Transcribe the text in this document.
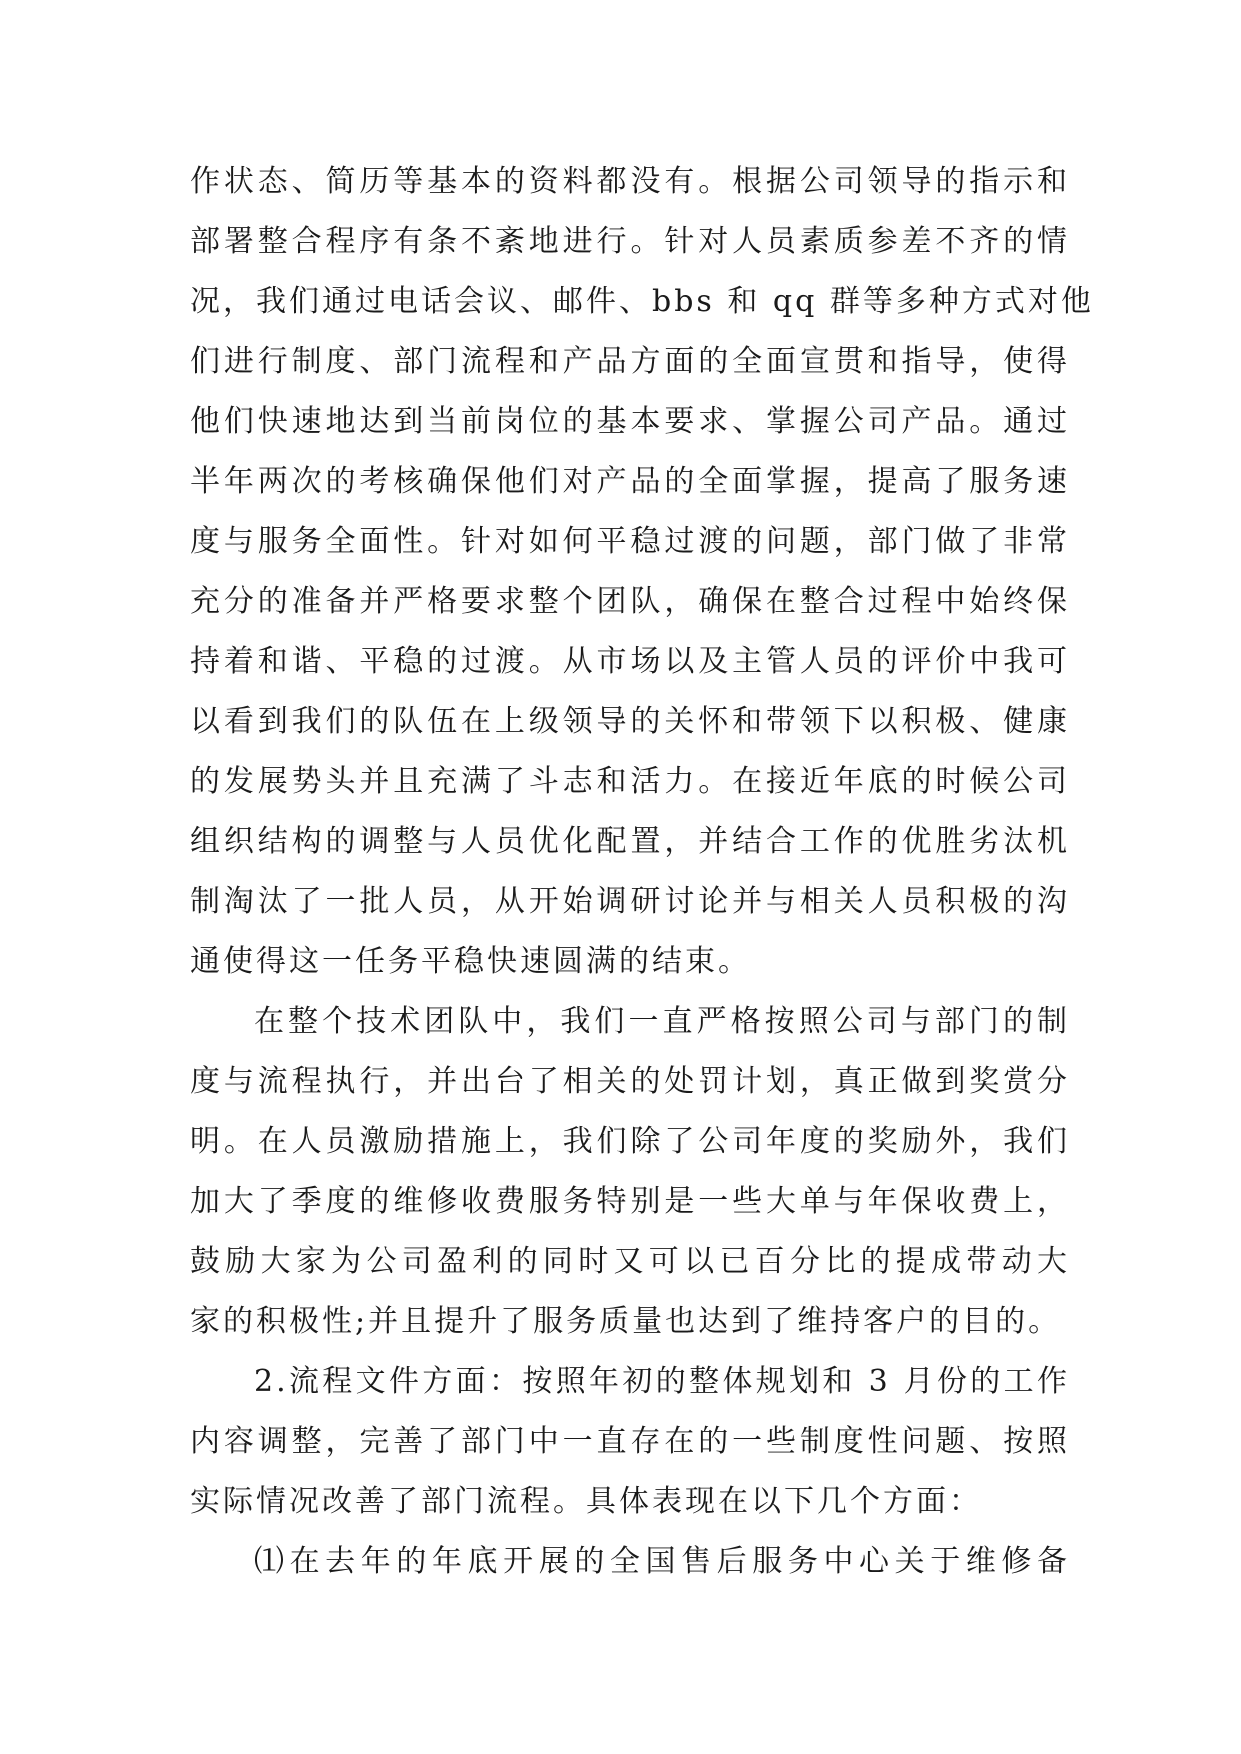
作状态、简历等基本的资料都没有。根据公司领导的指示和
部署整合程序有条不紊地进行。针对人员素质参差不齐的情
况，我们通过电话会议、邮件、bbs 和 qq 群等多种方式对他
们进行制度、部门流程和产品方面的全面宣贯和指导，使得
他们快速地达到当前岗位的基本要求、掌握公司产品。通过
半年两次的考核确保他们对产品的全面掌握，提高了服务速
度与服务全面性。针对如何平稳过渡的问题，部门做了非常
充分的准备并严格要求整个团队，确保在整合过程中始终保
持着和谐、平稳的过渡。从市场以及主管人员的评价中我可
以看到我们的队伍在上级领导的关怀和带领下以积极、健康
的发展势头并且充满了斗志和活力。在接近年底的时候公司
组织结构的调整与人员优化配置，并结合工作的优胜劣汰机
制淘汰了一批人员，从开始调研讨论并与相关人员积极的沟
通使得这一任务平稳快速圆满的结束。
在整个技术团队中，我们一直严格按照公司与部门的制
度与流程执行，并出台了相关的处罚计划，真正做到奖赏分
明。在人员激励措施上，我们除了公司年度的奖励外，我们
加大了季度的维修收费服务特别是一些大单与年保收费上，
鼓励大家为公司盈利的同时又可以已百分比的提成带动大
家的积极性;并且提升了服务质量也达到了维持客户的目的。
2.流程文件方面：按照年初的整体规划和 3 月份的工作
内容调整，完善了部门中一直存在的一些制度性问题、按照
实际情况改善了部门流程。具体表现在以下几个方面：
⑴在去年的年底开展的全国售后服务中心关于维修备
